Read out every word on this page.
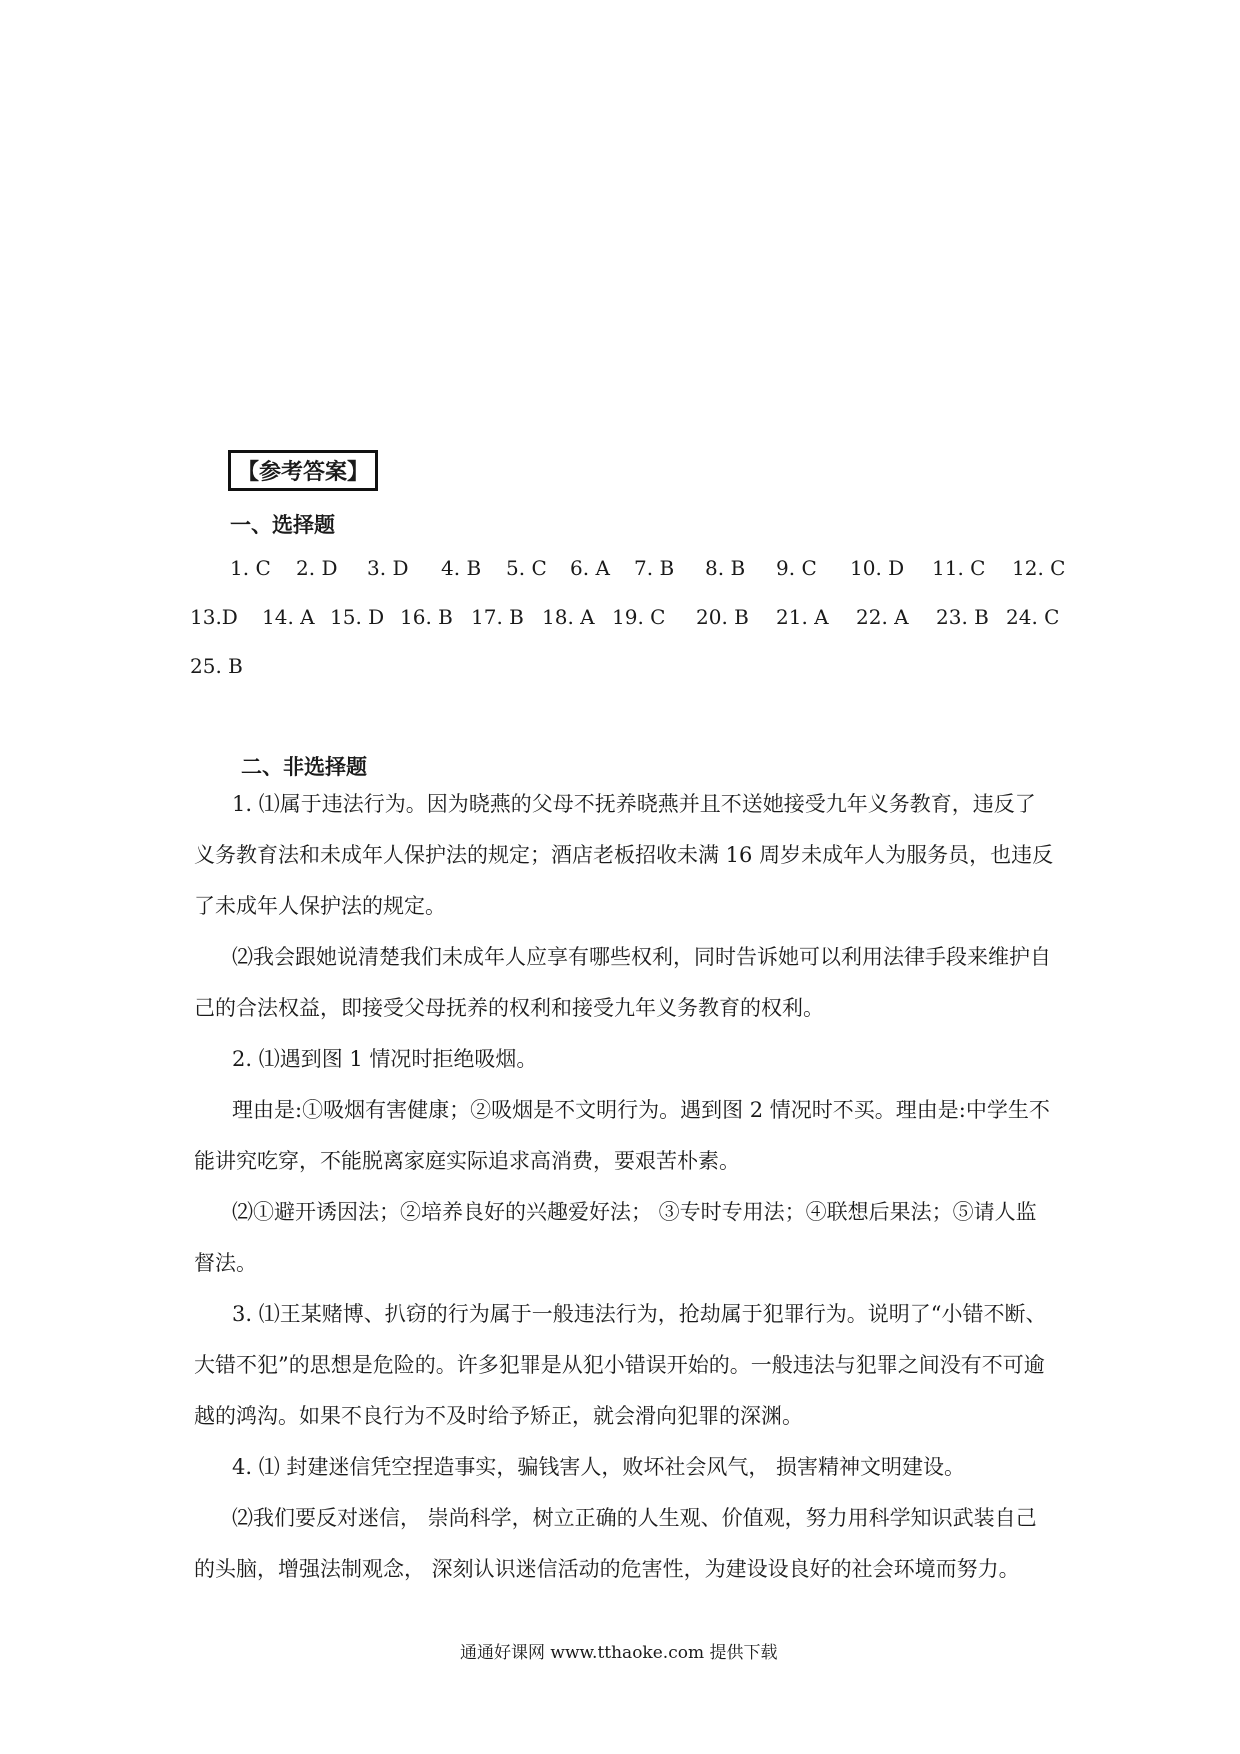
【参考答案】
一、选择题
1. C 2. D 3. D 4. B 5. C 6. A 7. B 8. B 9. C 10. D 11. C 12. C
13.D 14. A 15. D 16. B 17. B 18. A 19. C 20. B 21. A 22. A 23. B 24. C
25. B
二、非选择题
1. ⑴属于违法行为。因为晓燕的父母不抚养晓燕并且不送她接受九年义务教育，违反了义务教育法和未成年人保护法的规定；酒店老板招收未满 16 周岁未成年人为服务员，也违反了未成年人保护法的规定。
⑵我会跟她说清楚我们未成年人应享有哪些权利，同时告诉她可以利用法律手段来维护自己的合法权益，即接受父母抚养的权利和接受九年义务教育的权利。
2. ⑴遇到图 1 情况时拒绝吸烟。
理由是:①吸烟有害健康；②吸烟是不文明行为。遇到图 2 情况时不买。理由是:中学生不能讲究吃穿，不能脱离家庭实际追求高消费，要艰苦朴素。
⑵①避开诱因法；②培养良好的兴趣爱好法； ③专时专用法；④联想后果法；⑤请人监督法。
3. ⑴王某赌博、扒窃的行为属于一般违法行为，抢劫属于犯罪行为。说明了“小错不断、大错不犯”的思想是危险的。许多犯罪是从犯小错误开始的。一般违法与犯罪之间没有不可逾越的鸿沟。如果不良行为不及时给予矫正，就会滑向犯罪的深渊。
4. ⑴ 封建迷信凭空捏造事实，骗钱害人，败坏社会风气， 损害精神文明建设。
⑵我们要反对迷信， 崇尚科学，树立正确的人生观、价值观，努力用科学知识武装自己的头脑，增强法制观念， 深刻认识迷信活动的危害性，为建设设良好的社会环境而努力。
通通好课网 www.tthaoke.com 提供下载
